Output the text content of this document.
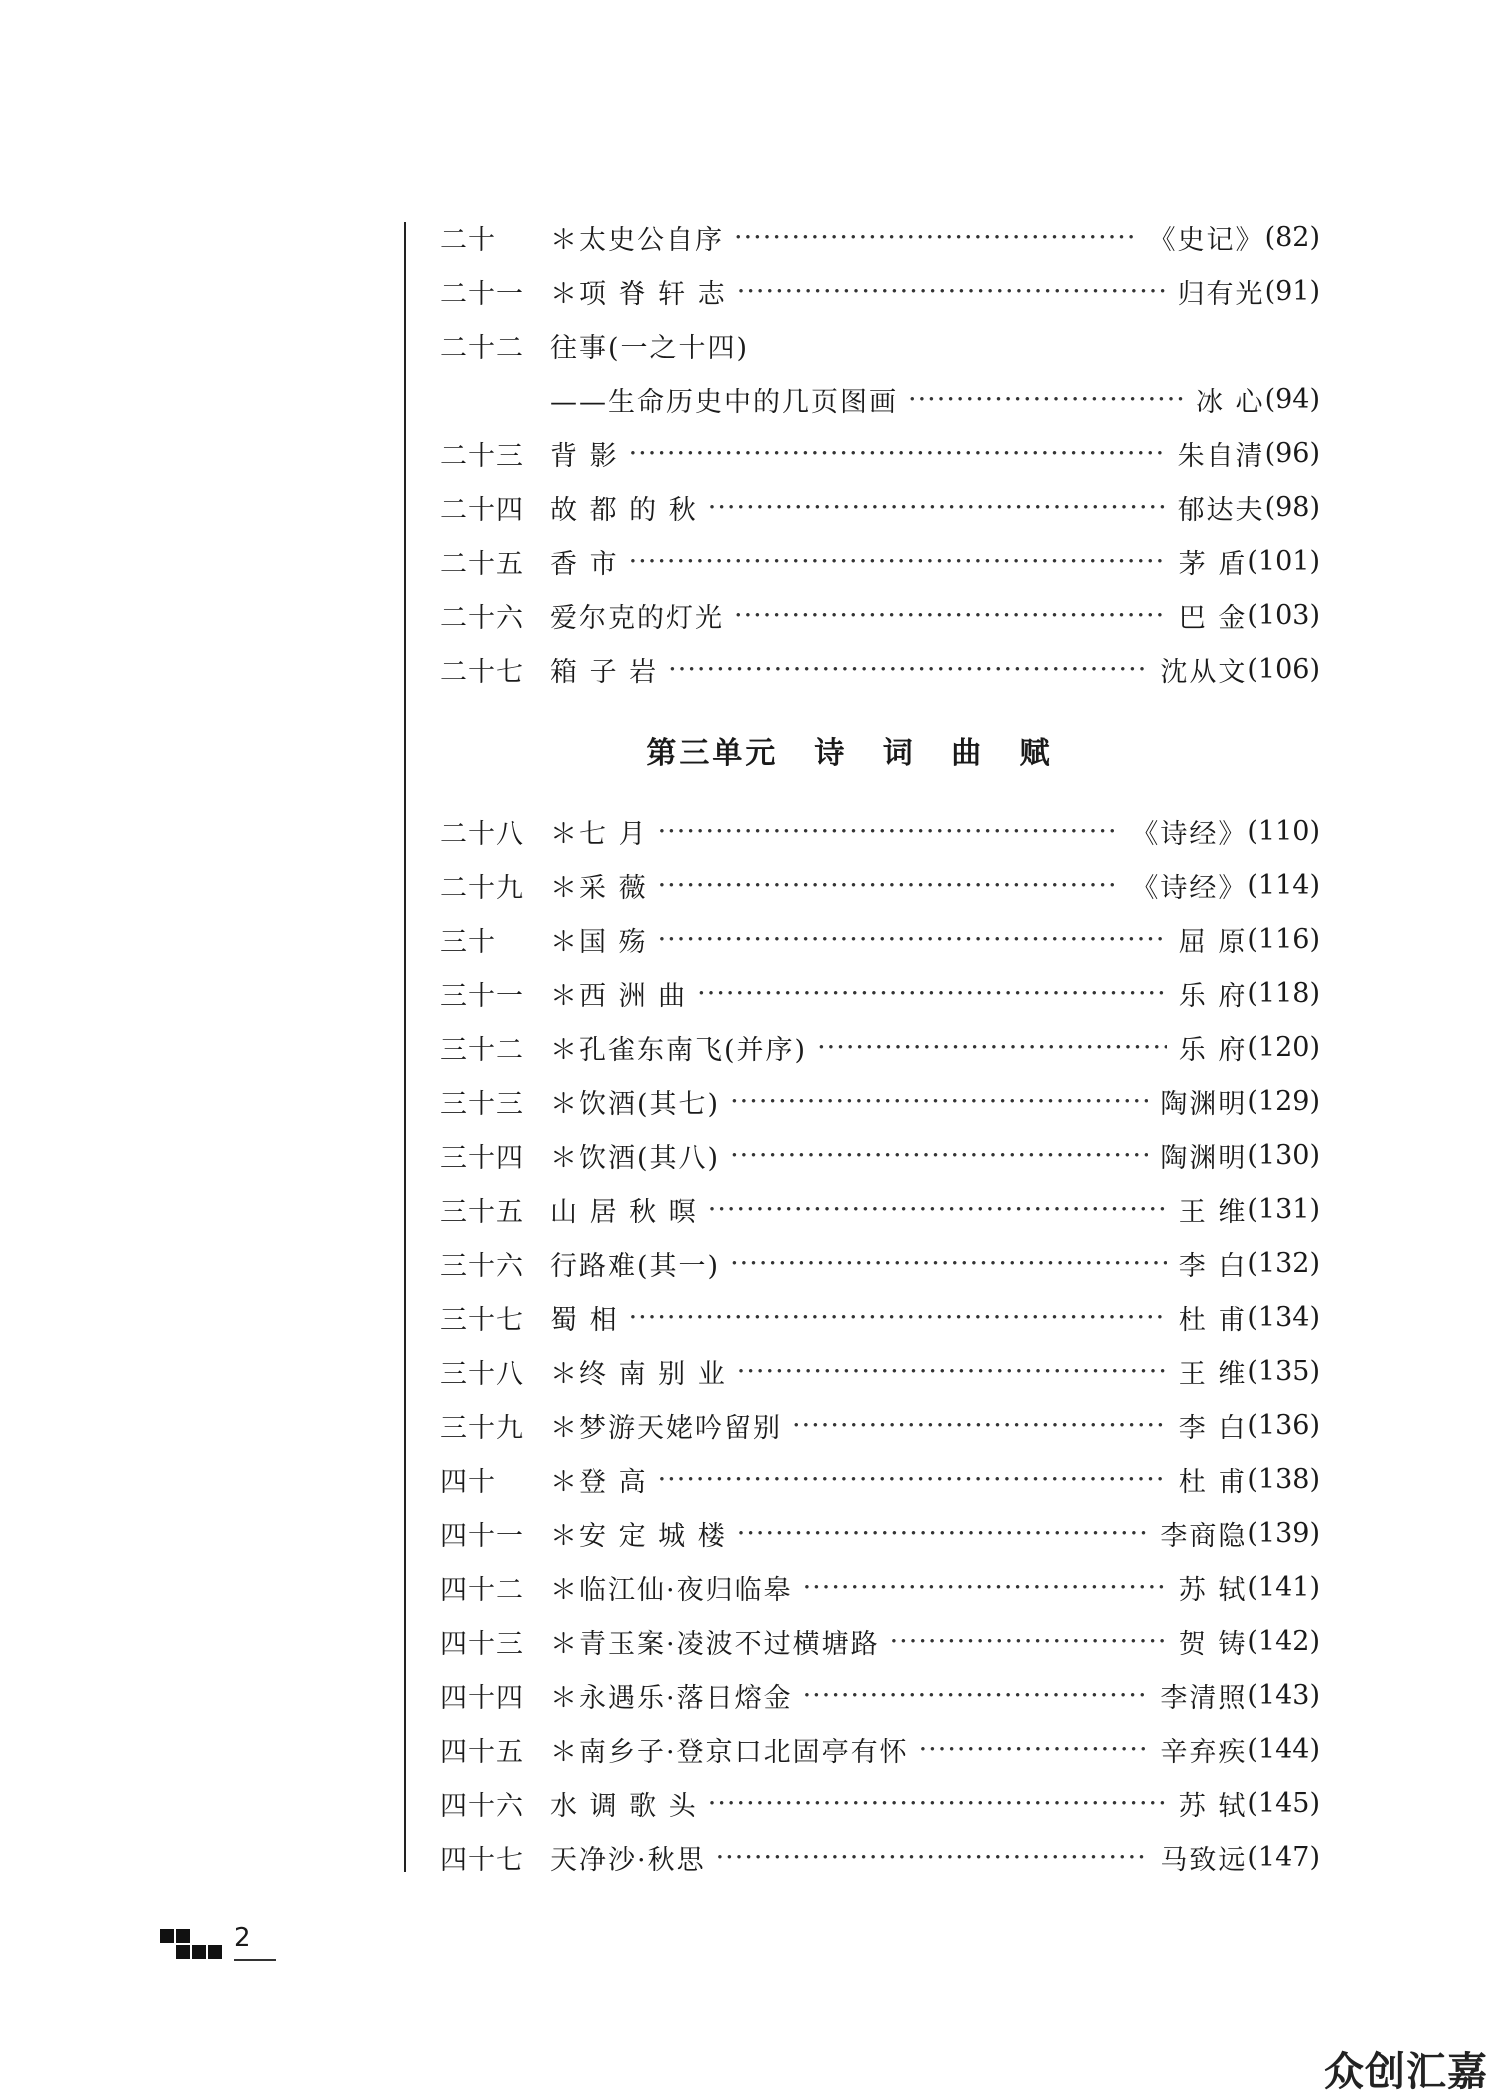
二十	＊太史公自序 ·····	《史记》 (82)
二十一 ＊项 脊 轩 志 ·····	归有光 (91)
二十二 往事(一之十四)
——生命历史中的几页图画 ·····	冰 心 (94)
二十三 背 影 ·····	朱自清 (96)
二十四 故 都 的 秋 ·····	郁达夫 (98)
二十五 香 市 ·····	茅 盾 (101)
二十六 爱尔克的灯光 ·····	巴 金 (103)
二十七 箱 子 岩 ·····	沈从文 (106)
第三单元 诗 词 曲 赋
二十八 ＊七 月 ·····	《诗经》 (110)
二十九 ＊采 薇 ·····	《诗经》 (114)
三十	＊国 殇 ·····	屈 原 (116)
三十一 ＊西 洲 曲 ·····	乐 府 (118)
三十二 ＊孔雀东南飞(并序) ·····	乐 府 (120)
三十三 ＊饮酒(其七) ·····	陶渊明 (129)
三十四 ＊饮酒(其八) ·····	陶渊明 (130)
三十五 山 居 秋 暝 ·····	王 维 (131)
三十六 行路难(其一) ·····	李 白 (132)
三十七 蜀 相 ·····	杜 甫 (134)
三十八 ＊终 南 别 业 ·····	王 维 (135)
三十九 ＊梦游天姥吟留别 ·····	李 白 (136)
四十	＊登 高 ·····	杜 甫 (138)
四十一 ＊安 定 城 楼 ·····	李商隐 (139)
四十二 ＊临江仙·夜归临皋 ·····	苏 轼 (141)
四十三 ＊青玉案·凌波不过横塘路 ·····	贺 铸 (142)
四十四 ＊永遇乐·落日熔金 ·····	李清照 (143)
四十五 ＊南乡子·登京口北固亭有怀 ·····	辛弃疾 (144)
四十六 水 调 歌 头 ·····	苏 轼 (145)
四十七 天净沙·秋思 ·····	马致远 (147)
2
众创汇嘉
